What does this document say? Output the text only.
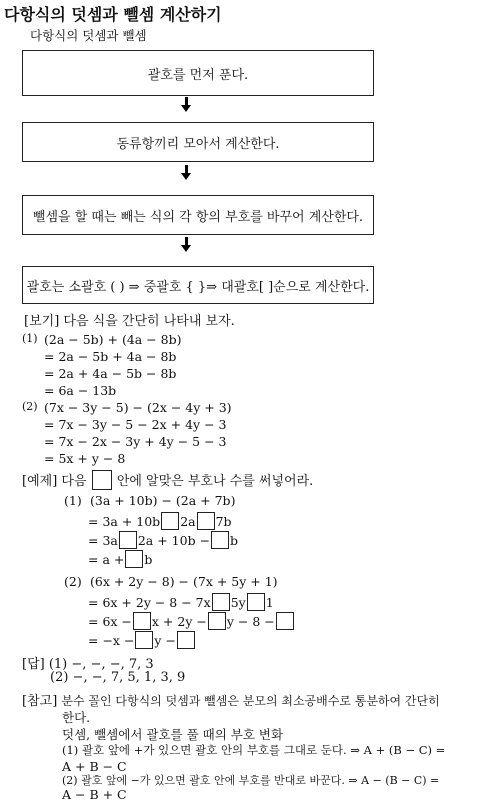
다항식의 덧셈과 뺄셈 계산하기
다항식의 덧셈과 뺄셈
괄호를 먼저 푼다.
동류항끼리 모아서 계산한다.
뺄셈을 할 때는 빼는 식의 각 항의 부호를 바꾸어 계산한다.
괄호는 소괄호 ( ) ⇒ 중괄호 { }⇒ 대괄호[ ]순으로 계산한다.
[보기] 다음 식을 간단히 나타내 보자.
(1) (2a − 5b) + (4a − 8b)
= 2a − 5b + 4a − 8b
= 2a + 4a − 5b − 8b
= 6a − 13b
(2) (7x − 3y − 5) − (2x − 4y + 3)
= 7x − 3y − 5 − 2x + 4y − 3
= 7x − 2x − 3y + 4y − 5 − 3
= 5x + y − 8
[예제] 다음 안에 알맞은 부호나 수를 써넣어라.
(1) (3a + 10b) − (2a + 7b)
= 3a + 10b 2a 7b
= 3a 2a + 10b − b
= a + b
(2) (6x + 2y − 8) − (7x + 5y + 1)
= 6x + 2y − 8 − 7x 5y 1
= 6x − x + 2y − y − 8 −
= −x − y −
[답] (1) −, −, −, 7, 3
(2) −, −, 7, 5, 1, 3, 9
[참고] 분수 꼴인 다항식의 덧셈과 뺄셈은 분모의 최소공배수로 통분하여 간단히
한다.
덧셈, 뺄셈에서 괄호를 풀 때의 부호 변화
(1) 괄호 앞에 +가 있으면 괄호 안의 부호를 그대로 둔다. ⇒ A + (B − C) =
A + B − C
(2) 괄호 앞에 −가 있으면 괄호 안에 부호를 반대로 바꾼다. ⇒ A − (B − C) =
A − B + C
